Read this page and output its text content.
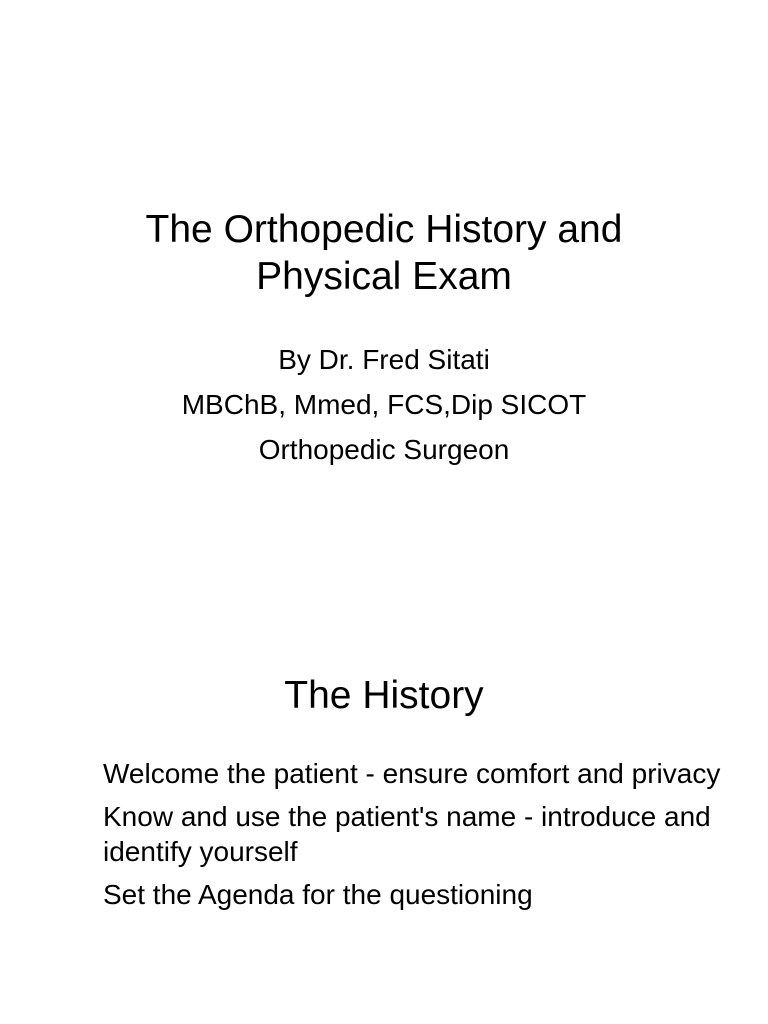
The Orthopedic History and
Physical Exam
By Dr. Fred Sitati
MBChB, Mmed, FCS,Dip SICOT
Orthopedic Surgeon
The History
Welcome the patient - ensure comfort and privacy
Know and use the patient's name - introduce and identify yourself
Set the Agenda for the questioning
